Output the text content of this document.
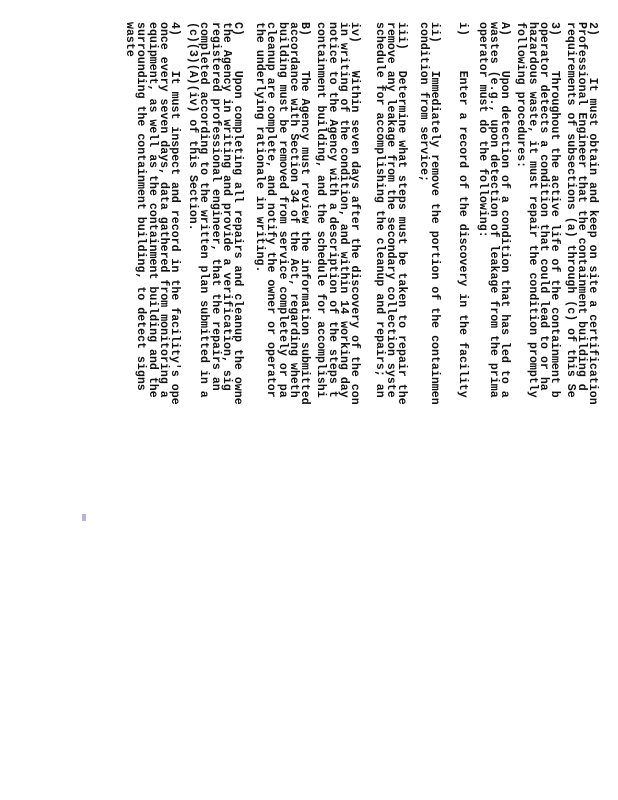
2)      It must obtain and keep on site a certification
Professional Engineer that the containment building d
requirements of subsections (a) through (c) of this Se
3)     Throughout the active life of the containment b
operator detects a condition that could lead to or ha
hazardous waste, it must repair the condition promptly
following procedures:
A)     Upon detection of a condition that has led to a
wastes (e.g., upon detection of leakage from the prima
operator must do the following:
i)     Enter a record of the discovery in the facility
ii)    Immediately remove the portion of the containmen
condition from service;
iii)   Determine what steps must be taken to repair the
remove any leakage from the secondary collection syste
schedule for accomplishing the cleanup and repairs; an
iv)    Within seven days after the discovery of the con
in writing of the condition, and within 14 working day
notice to the Agency with a description of the steps t
containment building, and the schedule for accomplishi
B)     The Agency must review the information submitted
accordance with Section 34 of the Act, regarding wheth
building must be removed from service completely or pa
cleanup are complete, and notify the owner or operator
the underlying rationale in writing.
C)     Upon completing all repairs and cleanup the owne
the Agency in writing and provide a verification, sig
registered professional engineer, that the repairs an
completed according to the written plan submitted in a
(c)(3)(A)(iv) of this Section.
4)     It must inspect and record in the facility's ope
once every seven days, data gathered from monitoring a
equipment, as well as the containment building and the
surrounding the containment building, to detect signs
waste
